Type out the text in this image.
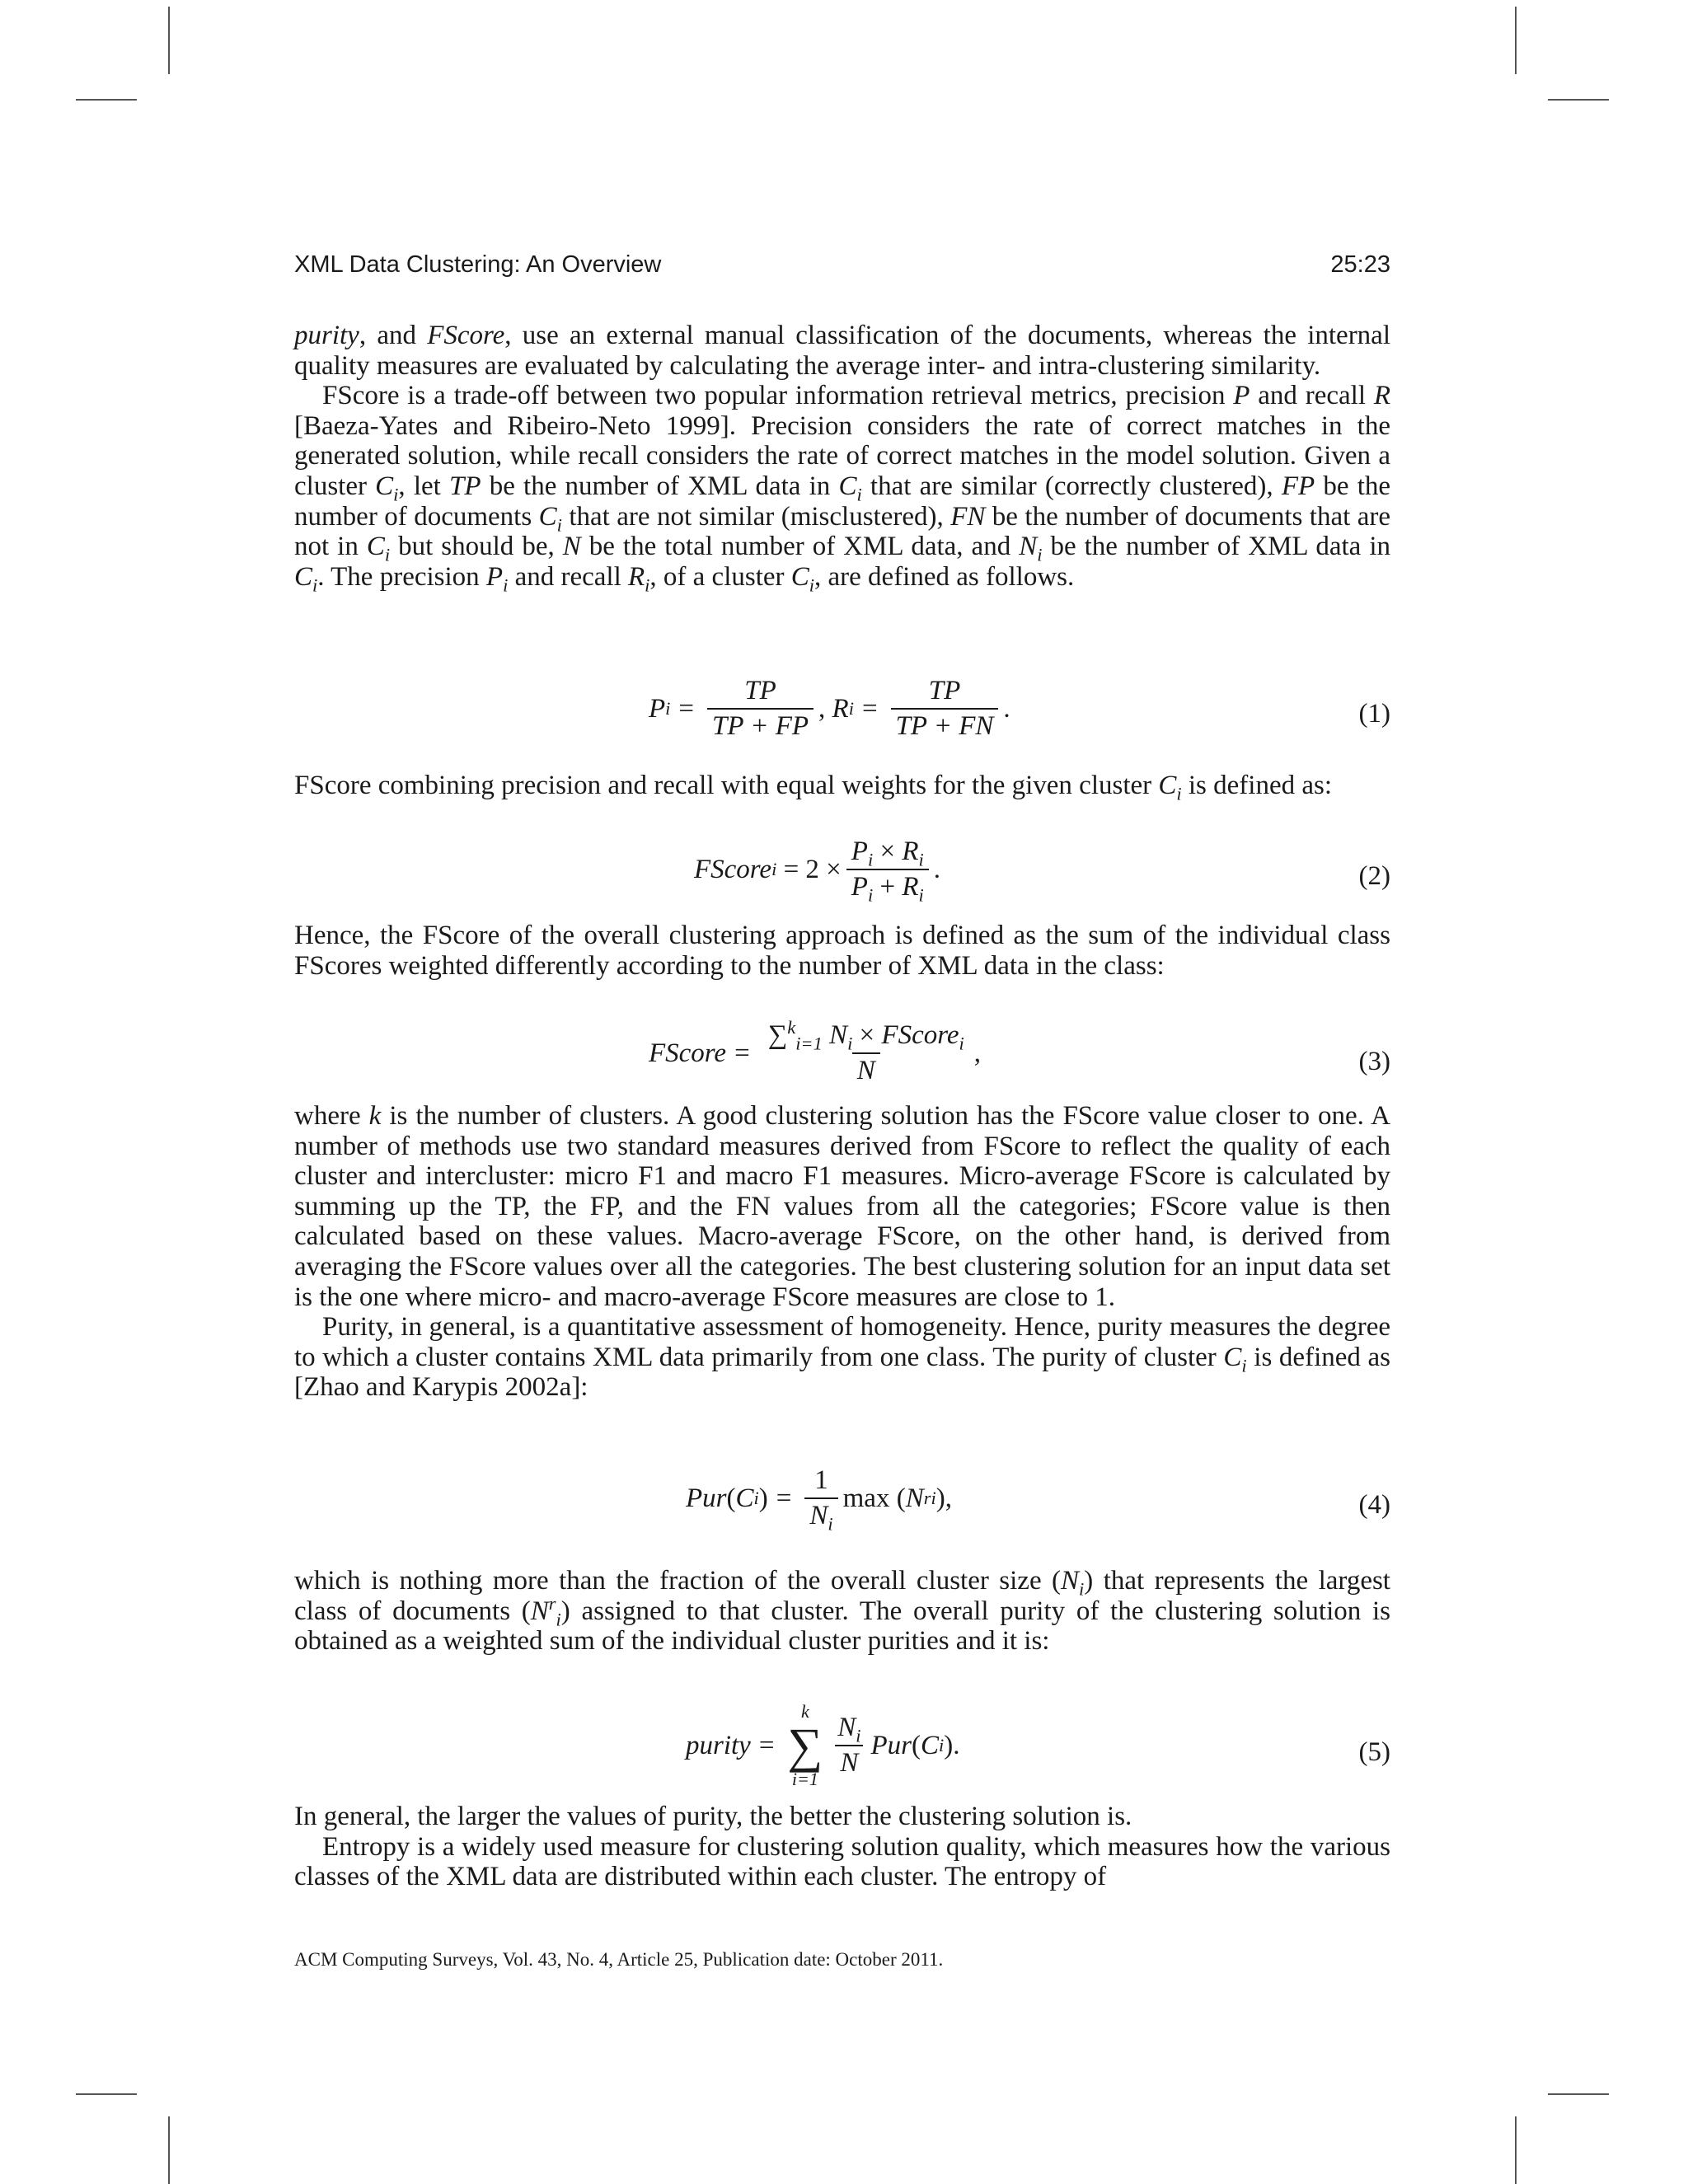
XML Data Clustering: An Overview	25:23

purity, and FScore, use an external manual classification of the documents, whereas the internal quality measures are evaluated by calculating the average inter- and intra-clustering similarity.

FScore is a trade-off between two popular information retrieval metrics, precision P and recall R [Baeza-Yates and Ribeiro-Neto 1999]. Precision considers the rate of correct matches in the generated solution, while recall considers the rate of correct matches in the model solution. Given a cluster $C_i$, let TP be the number of XML data in $C_i$ that are similar (correctly clustered), FP be the number of documents $C_i$ that are not similar (misclustered), FN be the number of documents that are not in $C_i$ but should be, N be the total number of XML data, and $N_i$ be the number of XML data in $C_i$. The precision $P_i$ and recall $R_i$, of a cluster $C_i$, are defined as follows.

P $i = \frac{TP}{TP + FP}$ ,
R $i = \frac{TP}{TP + FN}$ .	(1)

FScore combining precision and recall with equal weights for the given cluster $C_i$ is defined as:

FScore i
= $2 \times \frac{P_i \times R_i}{P_i + R_i}$ .	(2)

Hence, the FScore of the overall clustering approach is defined as the sum of the individual class FScores weighted differently according to the number of XML data in the class:

FScore = $\frac{\sum^k_{i=1} N_i \times FScore_i}{N}$ ,	(3)

where k is the number of clusters. A good clustering solution has the FScore value closer to one. A number of methods use two standard measures derived from FScore to reflect the quality of each cluster and intercluster: micro F1 and macro F1 measures. Micro-average FScore is calculated by summing up the TP, the FP, and the FN values from all the categories; FScore value is then calculated based on these values. Macro-average FScore, on the other hand, is derived from averaging the FScore values over all the categories. The best clustering solution for an input data set is the one where micro- and macro-average FScore measures are close to 1.

Purity, in general, is a quantitative assessment of homogeneity. Hence, purity measures the degree to which a cluster contains XML data primarily from one class. The purity of cluster $C_i$ is defined as [Zhao and Karypis 2002a]:

Pur ( C i ) = $\frac{1}{N_i}$ max ( N r i ) ,	(4)

which is nothing more than the fraction of the overall cluster size $(N_i)$ that represents the largest class of documents $(N^r_i)$ assigned to that cluster. The overall purity of the clustering solution is obtained as a weighted sum of the individual cluster purities and it is:

purity =
k
∑
i=1
$\frac{N_i}{N}$ Pur ( C i ) .	(5)

In general, the larger the values of purity, the better the clustering solution is.

Entropy is a widely used measure for clustering solution quality, which measures how the various classes of the XML data are distributed within each cluster. The entropy of

ACM Computing Surveys, Vol. 43, No. 4, Article 25, Publication date: October 2011.
